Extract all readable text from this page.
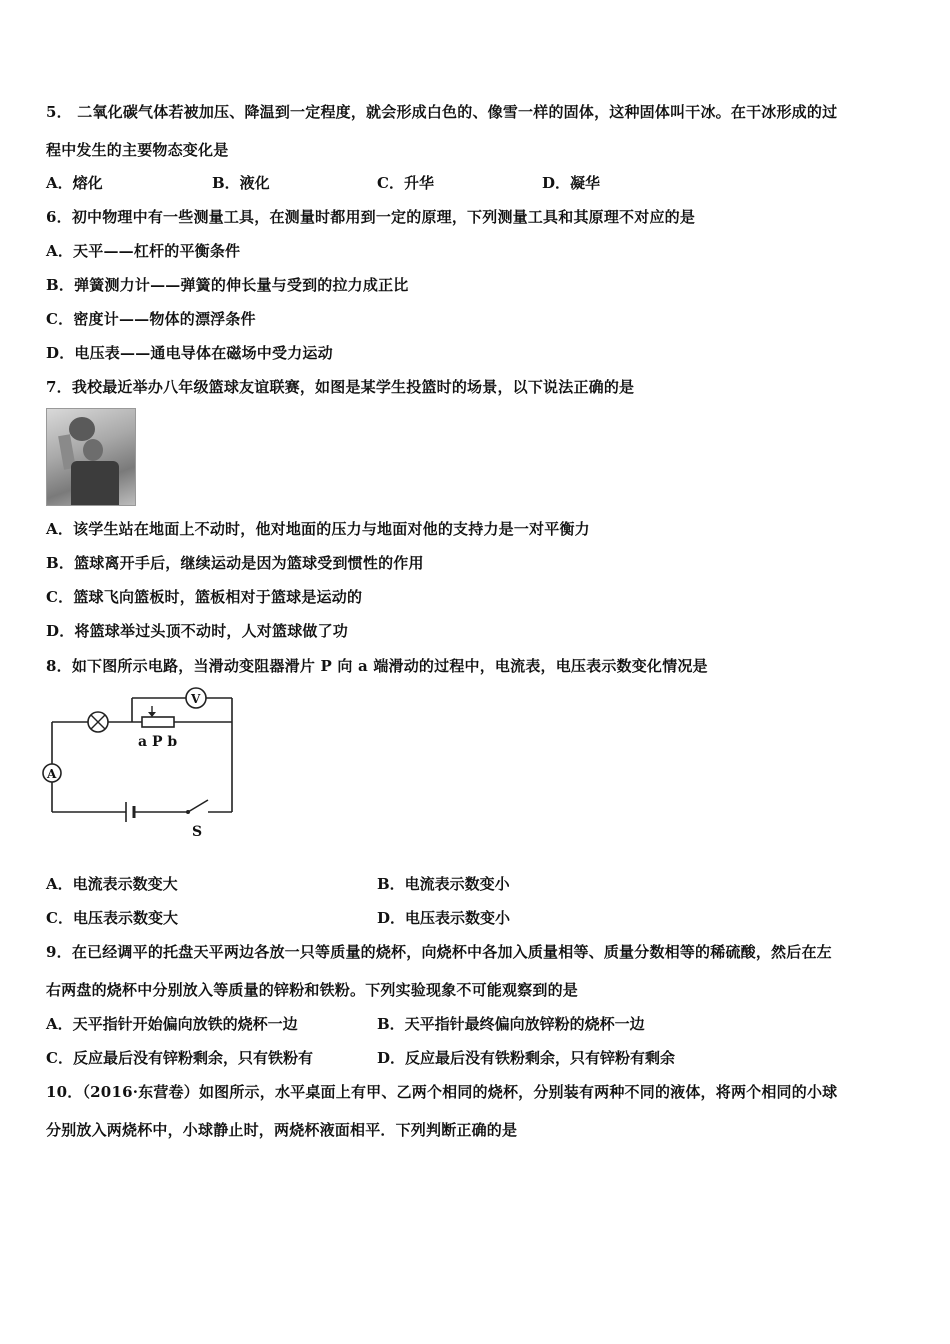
5． 二氧化碳气体若被加压、降温到一定程度，就会形成白色的、像雪一样的固体，这种固体叫干冰。在干冰形成的过
程中发生的主要物态变化是
A．熔化	B．液化	C．升华	D．凝华
6．初中物理中有一些测量工具，在测量时都用到一定的原理，下列测量工具和其原理不对应的是
A．天平——杠杆的平衡条件
B．弹簧测力计——弹簧的伸长量与受到的拉力成正比
C．密度计——物体的漂浮条件
D．电压表——通电导体在磁场中受力运动
7．我校最近举办八年级篮球友谊联赛，如图是某学生投篮时的场景，以下说法正确的是
A．该学生站在地面上不动时，他对地面的压力与地面对他的支持力是一对平衡力
B．篮球离开手后，继续运动是因为篮球受到惯性的作用
C．篮球飞向篮板时，篮板相对于篮球是运动的
D．将篮球举过头顶不动时，人对篮球做了功
8．如下图所示电路，当滑动变阻器滑片 P 向 a 端滑动的过程中，电流表，电压表示数变化情况是
a P b
V
A
S
A．电流表示数变大	B．电流表示数变小
C．电压表示数变大	D．电压表示数变小
9．在已经调平的托盘天平两边各放一只等质量的烧杯，向烧杯中各加入质量相等、质量分数相等的稀硫酸，然后在左
右两盘的烧杯中分别放入等质量的锌粉和铁粉。下列实验现象不可能观察到的是
A．天平指针开始偏向放铁的烧杯一边	B．天平指针最终偏向放锌粉的烧杯一边
C．反应最后没有锌粉剩余，只有铁粉有	D．反应最后没有铁粉剩余，只有锌粉有剩余
10．（2016·东营卷）如图所示，水平桌面上有甲、乙两个相同的烧杯，分别装有两种不同的液体，将两个相同的小球
分别放入两烧杯中，小球静止时，两烧杯液面相平．下列判断正确的是
